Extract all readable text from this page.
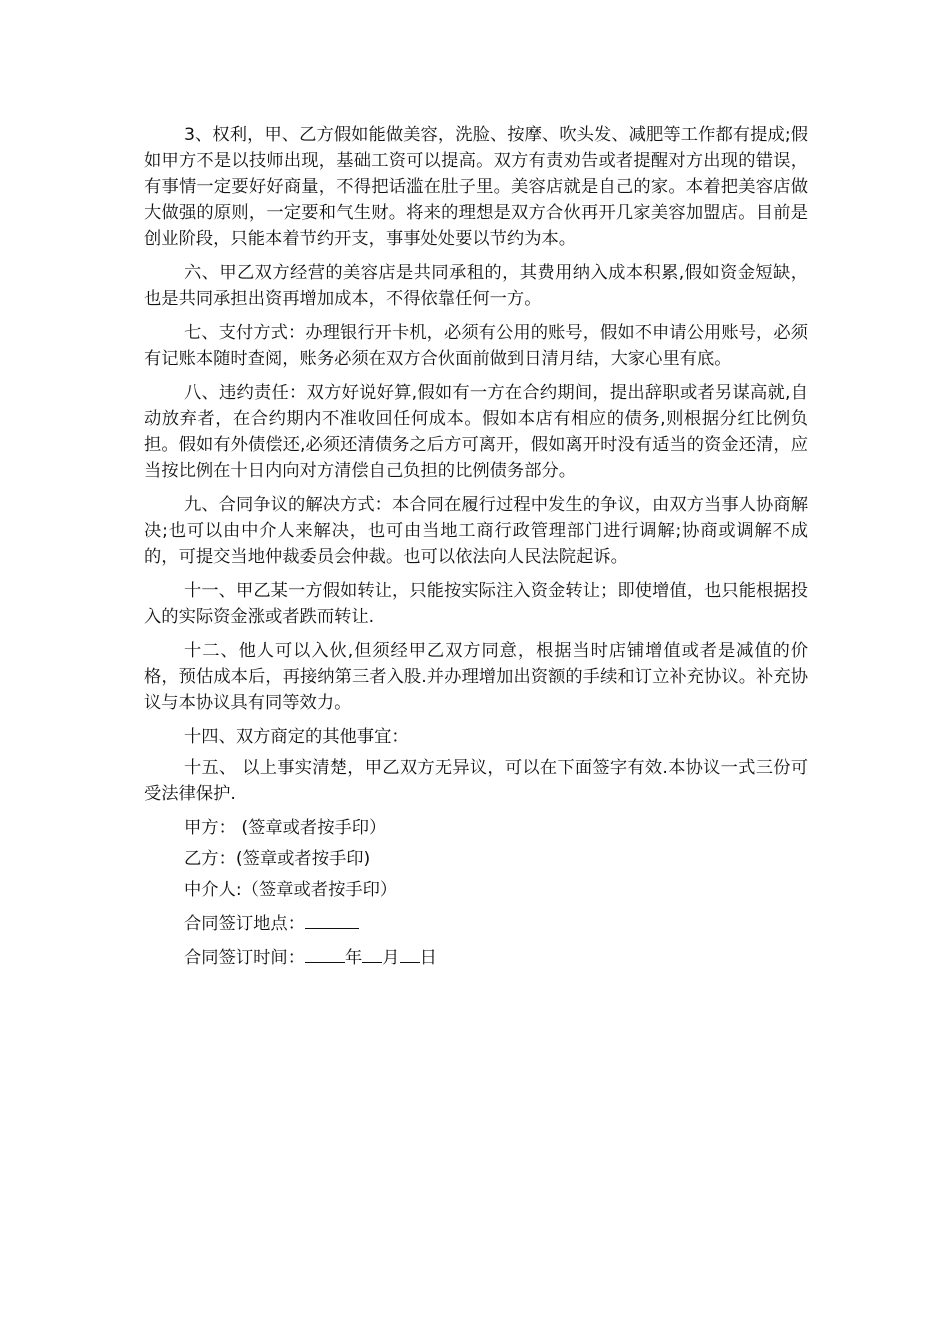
3、权利，甲、乙方假如能做美容，洗脸、按摩、吹头发、减肥等工作都有提成;假如甲方不是以技师出现，基础工资可以提高。双方有责劝告或者提醒对方出现的错误，有事情一定要好好商量，不得把话滥在肚子里。美容店就是自己的家。本着把美容店做大做强的原则，一定要和气生财。将来的理想是双方合伙再开几家美容加盟店。目前是创业阶段，只能本着节约开支，事事处处要以节约为本。

六、甲乙双方经营的美容店是共同承租的，其费用纳入成本积累,假如资金短缺，也是共同承担出资再增加成本，不得依靠任何一方。

七、支付方式：办理银行开卡机，必须有公用的账号，假如不申请公用账号，必须有记账本随时查阅，账务必须在双方合伙面前做到日清月结，大家心里有底。

八、违约责任：双方好说好算,假如有一方在合约期间，提出辞职或者另谋高就,自动放弃者，在合约期内不准收回任何成本。假如本店有相应的债务,则根据分红比例负担。假如有外债偿还,必须还清债务之后方可离开，假如离开时没有适当的资金还清，应当按比例在十日内向对方清偿自己负担的比例债务部分。

九、合同争议的解决方式：本合同在履行过程中发生的争议，由双方当事人协商解决;也可以由中介人来解决，也可由当地工商行政管理部门进行调解;协商或调解不成的，可提交当地仲裁委员会仲裁。也可以依法向人民法院起诉。

十一、甲乙某一方假如转让，只能按实际注入资金转让；即使增值，也只能根据投入的实际资金涨或者跌而转让.

十二、他人可以入伙,但须经甲乙双方同意，根据当时店铺增值或者是减值的价格，预估成本后，再接纳第三者入股.并办理增加出资额的手续和订立补充协议。补充协议与本协议具有同等效力。

十四、双方商定的其他事宜：

十五、 以上事实清楚，甲乙双方无异议，可以在下面签字有效.本协议一式三份可受法律保护.

甲方： (签章或者按手印）
乙方：(签章或者按手印)
中介人:（签章或者按手印）
合同签订地点：
合同签订时间： 年 月 日
